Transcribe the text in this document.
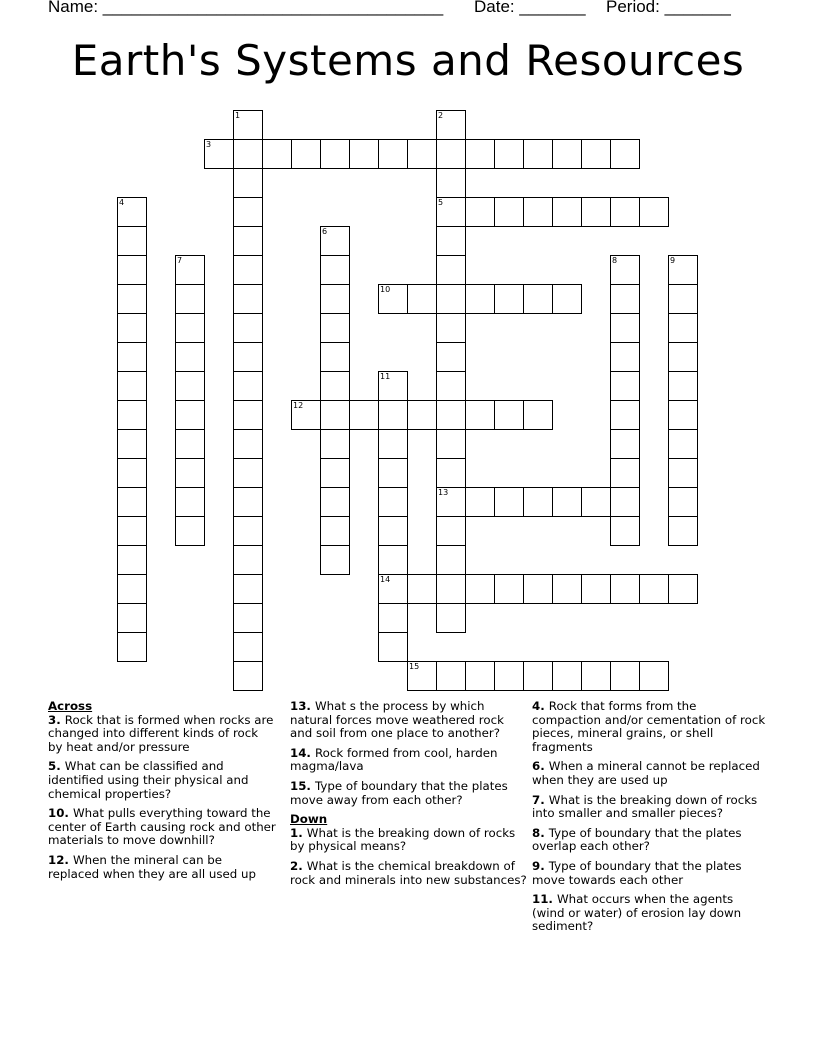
Name: ____________________________________ Date: _______ Period: _______
Earth's Systems and Resources
1	2
5
13
3
4
6
7	8	9
10
11
14
12
15
Across
3. Rock that is formed when rocks are changed into different kinds of rock by heat and/or pressure
5. What can be classified and identified using their physical and chemical properties?
10. What pulls everything toward the center of Earth causing rock and other materials to move downhill?
12. When the mineral can be replaced when they are all used up
13. What s the process by which natural forces move weathered rock and soil from one place to another?
14. Rock formed from cool, harden magma/lava
15. Type of boundary that the plates move away from each other?
Down
1. What is the breaking down of rocks by physical means?
2. What is the chemical breakdown of rock and minerals into new substances?
4. Rock that forms from the compaction and/or cementation of rock pieces, mineral grains, or shell fragments
6. When a mineral cannot be replaced when they are used up
7. What is the breaking down of rocks into smaller and smaller pieces?
8. Type of boundary that the plates overlap each other?
9. Type of boundary that the plates move towards each other
11. What occurs when the agents (wind or water) of erosion lay down sediment?
